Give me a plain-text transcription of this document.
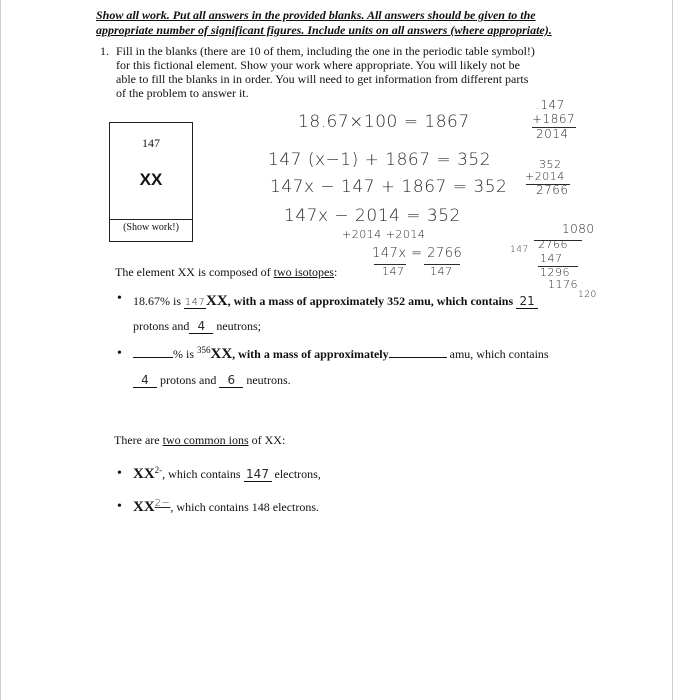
Show all work. Put all answers in the provided blanks. All answers should be given to the
appropriate number of significant figures. Include units on all answers (where appropriate).
1. Fill in the blanks (there are 10 of them, including the one in the periodic table symbol!)
for this fictional element. Show your work where appropriate. You will likely not be
able to fill the blanks in in order. You will need to get information from different parts
of the problem to answer it.
147
XX
(Show work!)
18.67×100 = 1867
147 (x−1) + 1867 = 352
147x − 147 + 1867 = 352
147x − 2014 = 352
+2014 +2014
147x = 2766
147 147
.147
+1867
2014
352
+2014
2766
1080
147 2766
147
1296
1176
120
The element XX is composed of two isotopes:
• 18.67% is 147XX, with a mass of approximately 352 amu, which contains 21
protons and 4 neutrons;
•	% is $^{356}$XX, with a mass of approximately	amu, which contains
4 protons and 6 neutrons.
There are two common ions of XX:
• $XX^{2-}$, which contains 147 electrons,
• $XX^{2-}$, which contains 148 electrons.
